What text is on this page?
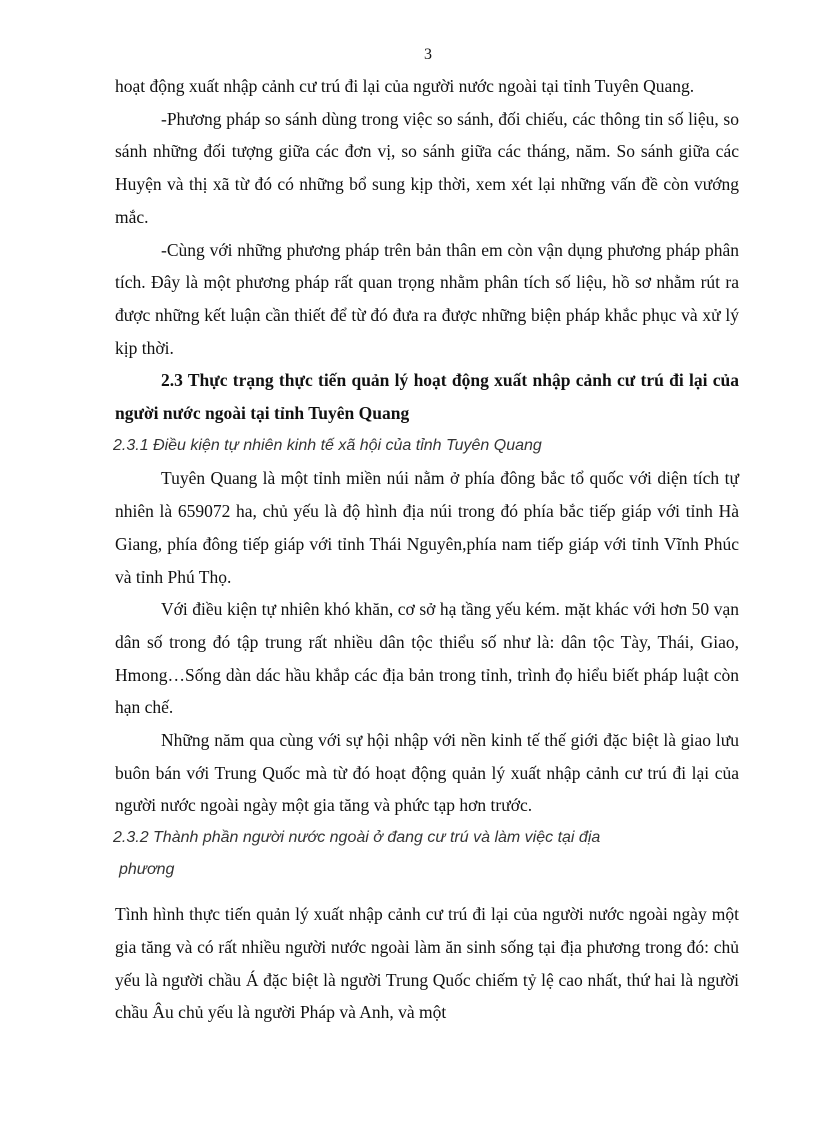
3

hoạt động xuất nhập cảnh cư trú đi lại của người nước ngoài tại tỉnh Tuyên Quang.

-Phương pháp so sánh dùng trong việc so sánh, đối chiếu, các thông tin số liệu, so sánh những đối tượng giữa các đơn vị, so sánh giữa các tháng, năm. So sánh giữa các Huyện và thị xã từ đó có những bổ sung kịp thời, xem xét lại những vấn đề còn vướng mắc.

-Cùng với những phương pháp trên bản thân em còn vận dụng phương pháp phân tích. Đây là một phương pháp rất quan trọng nhằm phân tích số liệu, hồ sơ nhằm rút ra được những kết luận cần thiết để từ đó đưa ra được những biện pháp khắc phục và xử lý kịp thời.

2.3 Thực trạng thực tiến quản lý hoạt động xuất nhập cảnh cư trú đi lại của người nước ngoài tại tỉnh Tuyên Quang

2.3.1 Điều kiện tự nhiên kinh tế xã hội của tỉnh Tuyên Quang

Tuyên Quang là một tỉnh miền núi nằm ở phía đông bắc tổ quốc với diện tích tự nhiên là 659072 ha, chủ yếu là độ hình địa núi trong đó phía bắc tiếp giáp với tỉnh Hà Giang, phía đông tiếp giáp với tỉnh Thái Nguyên,phía nam tiếp giáp với tỉnh Vĩnh Phúc và tỉnh Phú Thọ.

Với điều kiện tự nhiên khó khăn, cơ sở hạ tầng yếu kém. mặt khác với hơn 50 vạn dân số trong đó tập trung rất nhiều dân tộc thiểu số như là: dân tộc Tày, Thái, Giao, Hmong…Sống dàn dác hầu khắp các địa bản trong tỉnh, trình đọ hiểu biết pháp luật còn hạn chế.

Những năm qua cùng với sự hội nhập với nền kinh tế thế giới đặc biệt là giao lưu buôn bán với Trung Quốc mà từ đó hoạt động quản lý xuất nhập cảnh cư trú đi lại của người nước ngoài ngày một gia tăng và phức tạp hơn trước.

2.3.2 Thành phần người nước ngoài ở đang cư trú và làm việc tại địa

phương

Tình hình thực tiến quản lý xuất nhập cảnh cư trú đi lại của người nước ngoài ngày một gia tăng và có rất nhiều người nước ngoài làm ăn sinh sống tại địa phương trong đó: chủ yếu là người chầu Á đặc biệt là người Trung Quốc chiếm tỷ lệ cao nhất, thứ hai là người chầu Âu chủ yếu là người Pháp và Anh, và một
